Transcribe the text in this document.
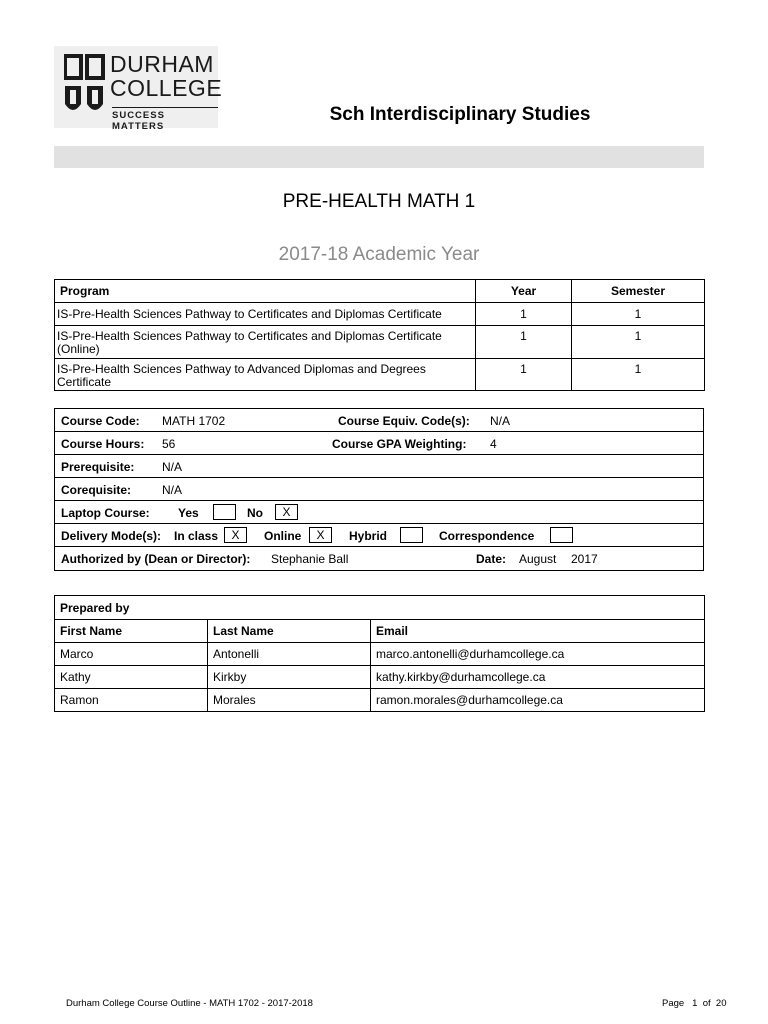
DURHAM
COLLEGE
SUCCESS MATTERS
Sch Interdisciplinary Studies
PRE-HEALTH MATH 1
2017-18 Academic Year
Program	Year	Semester
IS-Pre-Health Sciences Pathway to Certificates and Diplomas Certificate	1	1
IS-Pre-Health Sciences Pathway to Certificates and Diplomas Certificate (Online)	1	1
IS-Pre-Health Sciences Pathway to Advanced Diplomas and Degrees Certificate	1	1
Course Code: MATH 1702	Course Equiv. Code(s): N/A
Course Hours: 56	Course GPA Weighting: 4
Prerequisite: N/A
Corequisite:	N/A
Laptop Course: Yes	No	X
Delivery Mode(s): In class	X	Online	X	Hybrid	Correspondence
Authorized by (Dean or Director): Stephanie Ball	Date: August 2017
Prepared by		
First Name	Last Name	Email
Marco	Antonelli	marco.antonelli@durhamcollege.ca
Kathy	Kirkby	kathy.kirkby@durhamcollege.ca
Ramon	Morales	ramon.morales@durhamcollege.ca
Durham College Course Outline - MATH 1702 - 2017-2018	Page 1 of 20
